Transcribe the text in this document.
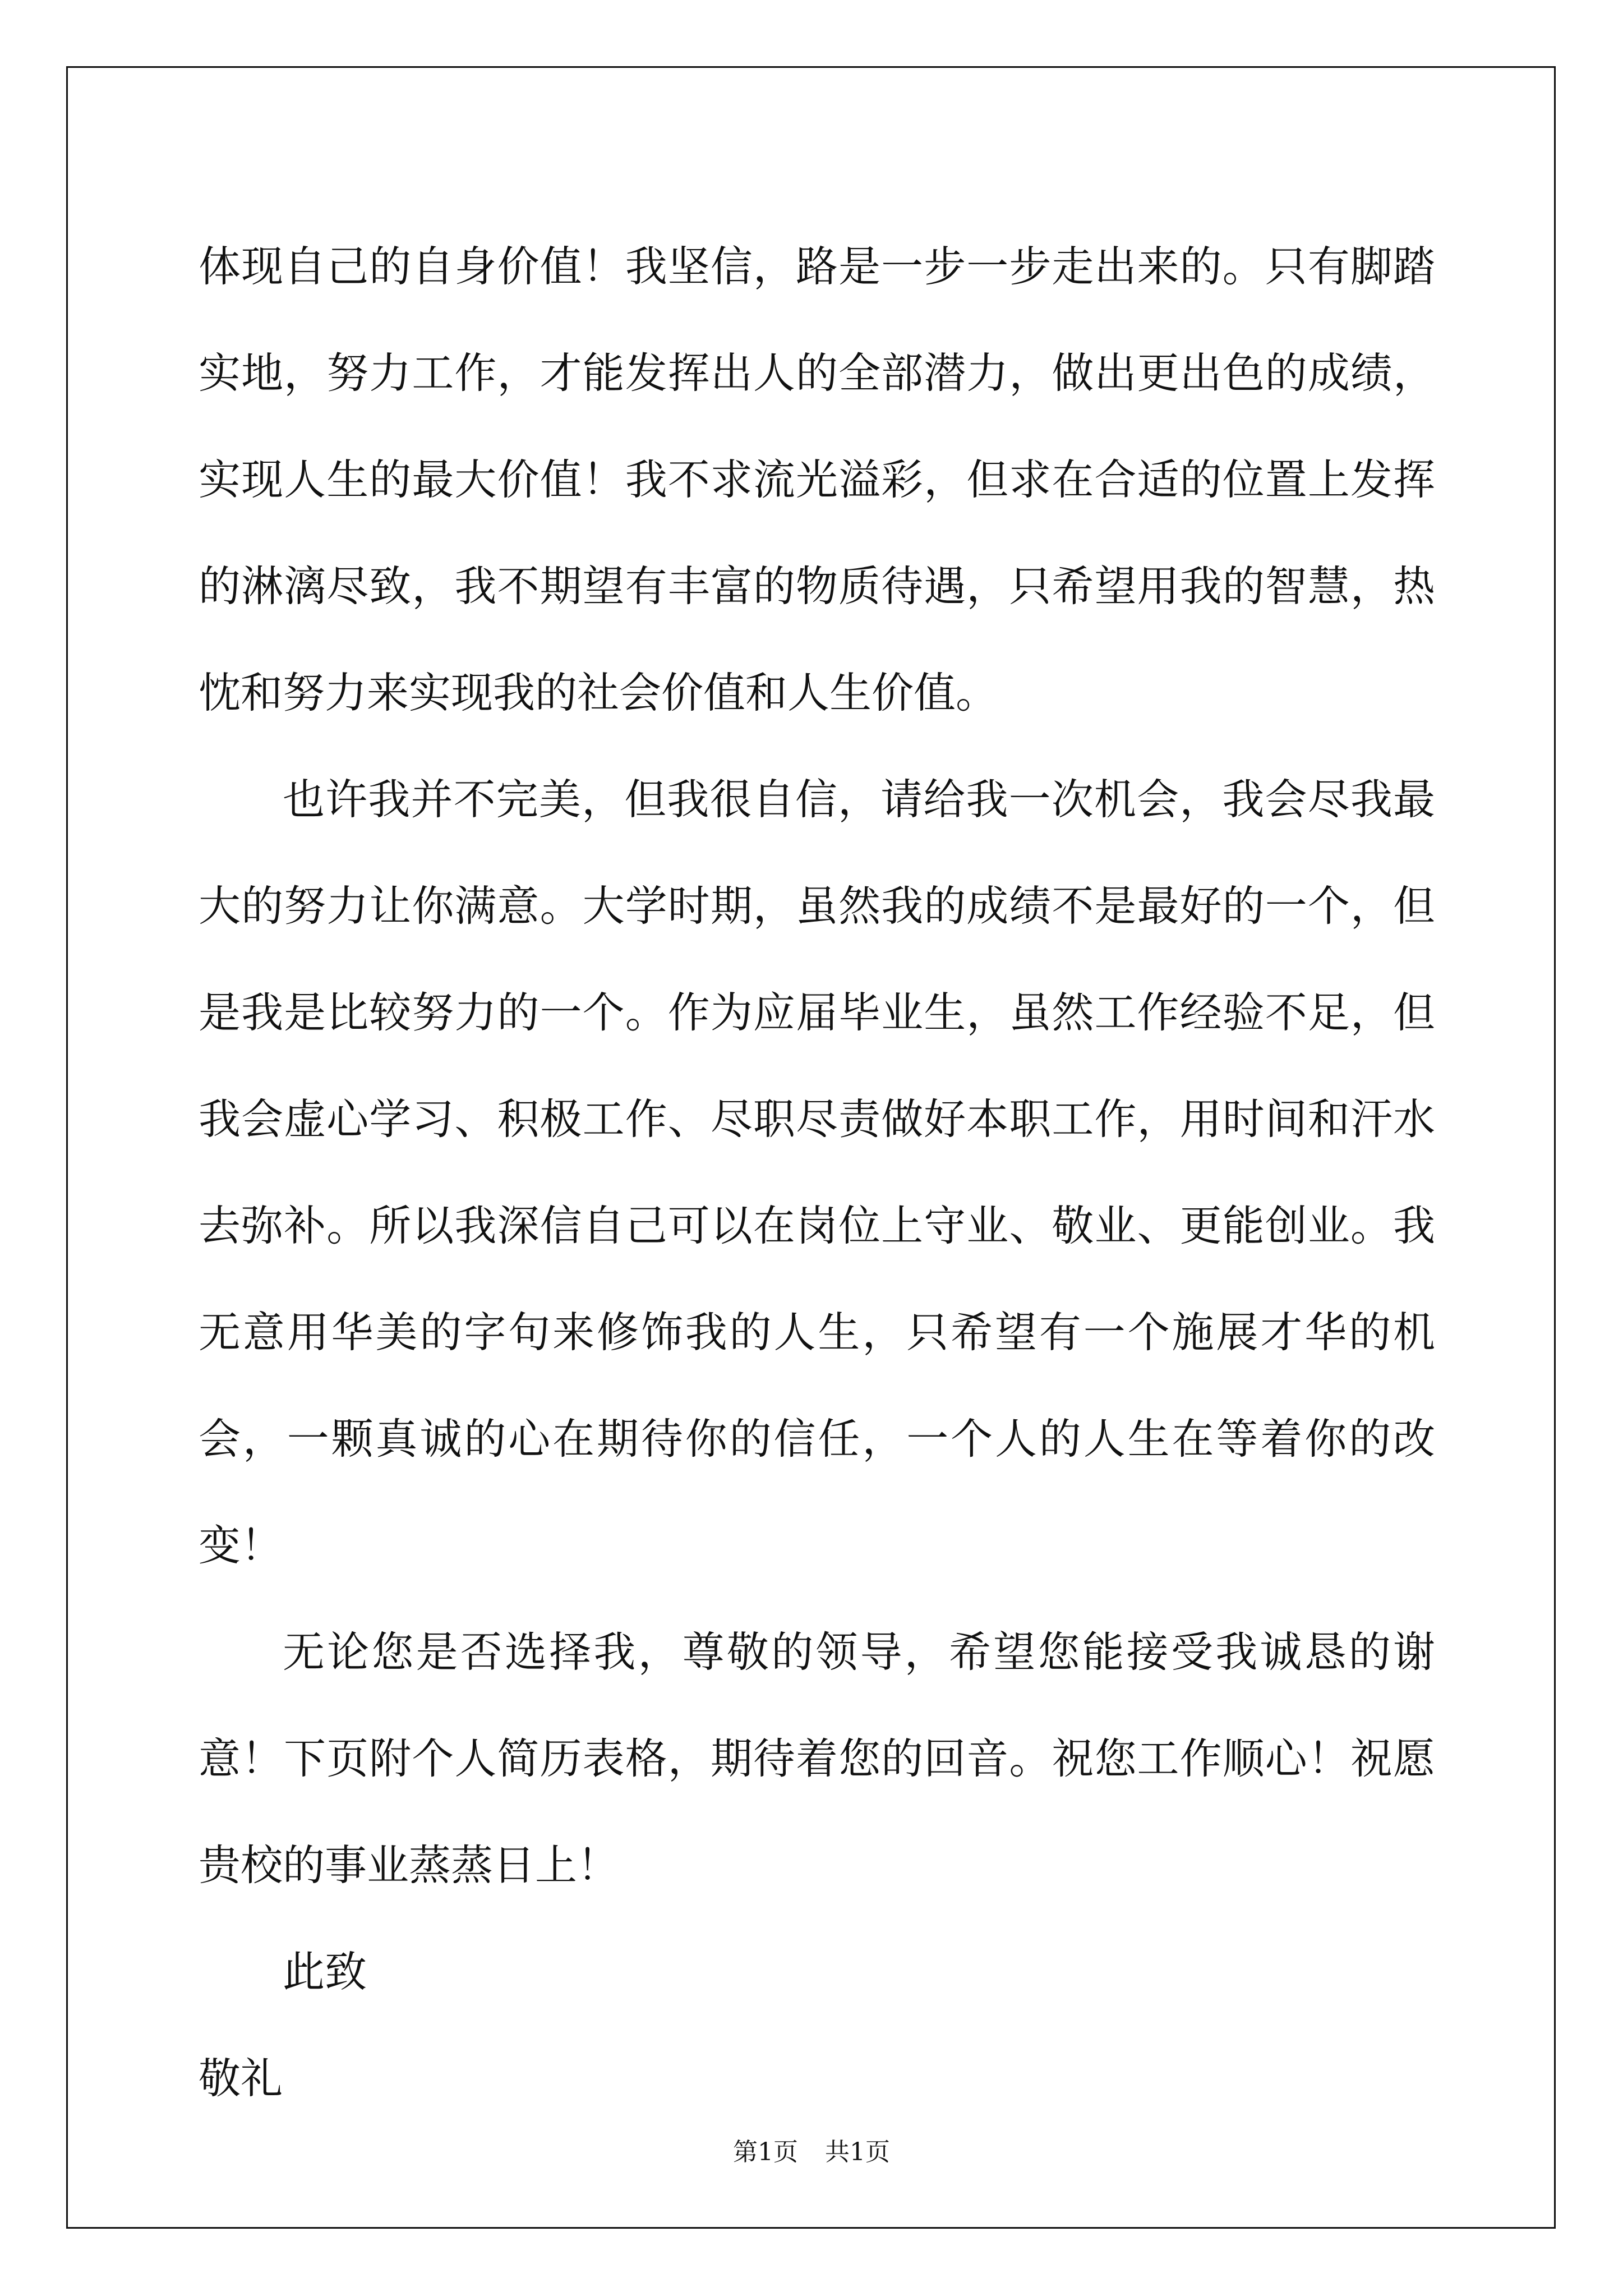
体现自己的自身价值！我坚信，路是一步一步走出来的。只有脚踏实地，努力工作，才能发挥出人的全部潜力，做出更出色的成绩，实现人生的最大价值！我不求流光溢彩，但求在合适的位置上发挥的淋漓尽致，我不期望有丰富的物质待遇，只希望用我的智慧，热忱和努力来实现我的社会价值和人生价值。

也许我并不完美，但我很自信，请给我一次机会，我会尽我最大的努力让你满意。大学时期，虽然我的成绩不是最好的一个，但是我是比较努力的一个。作为应届毕业生，虽然工作经验不足，但我会虚心学习、积极工作、尽职尽责做好本职工作，用时间和汗水去弥补。所以我深信自己可以在岗位上守业、敬业、更能创业。我无意用华美的字句来修饰我的人生，只希望有一个施展才华的机会，一颗真诚的心在期待你的信任，一个人的人生在等着你的改变！

无论您是否选择我，尊敬的领导，希望您能接受我诚恳的谢意！下页附个人简历表格，期待着您的回音。祝您工作顺心！祝愿贵校的事业蒸蒸日上！

此致

敬礼

第1页 共1页
